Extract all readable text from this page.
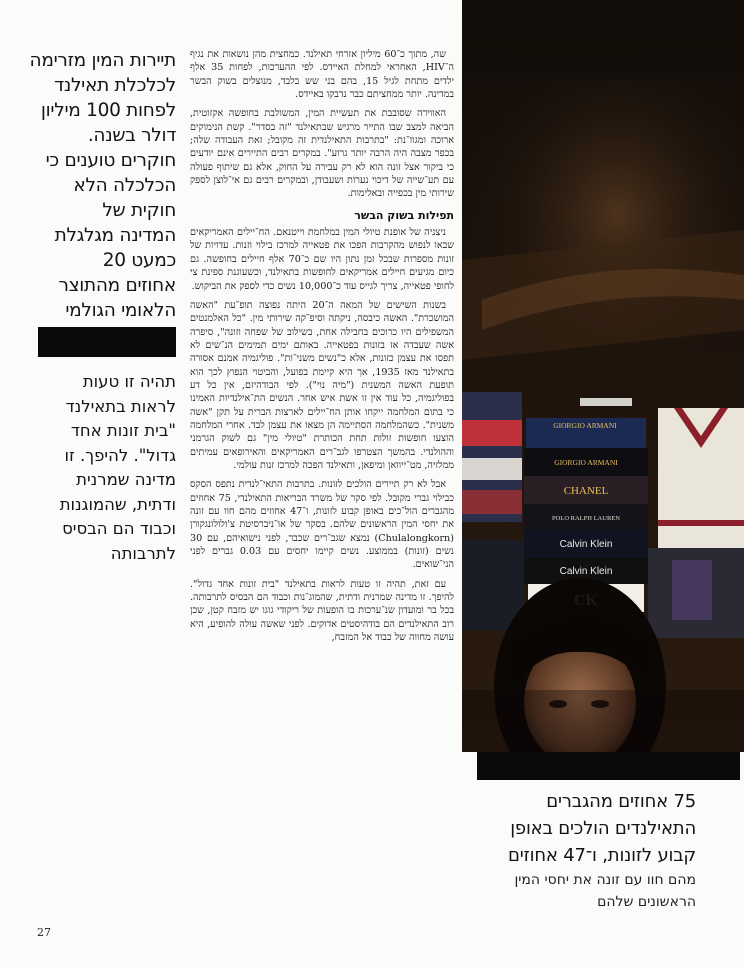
תיירות המין מזרימה
לכלכלת תאילנד
לפחות 100 מיליון
דולר בשנה.
חוקרים טוענים כי
הכלכלה הלא
חוקית של
המדינה מגלגלת
כמעט 20
אחוזים מהתוצר
הלאומי הגולמי
תהיה זו טעות
לראות בתאילנד
"בית זונות אחד
גדול". להיפך. זו
מדינה שמרנית
ודתית, שהמוגנות
וכבוד הם הבסיס
לתרבותה

שה, מתוך כ־60 מיליון אזרחי תאילנד. כמחצית מהן נושאות את נגיף ה־HIV, האחראי למחלת האיידס. לפי ההערכות, לפחות 35 אלף ילדים מתחת לגיל 15, בהם בני שש בלבד, מנוצלים בשוק הבשר במדינה. יותר ממחציתם כבר נדבקו באיידס.

האווירה שסובבת את תעשיית המין, המשולבת בחופשה אקזוטית, הביאה למצב שבו התייר מרגיש שבתאילנד "זה בסדר". קשת הנימוקים ארוכה ומגוו־נת: "בתרבות התאילנדית זה מקובל; זאת העבודה שלה; בכפר מצבה היה הרבה יותר גרוע". במקרים רבים התיירים אינם יודעים כי ביקור אצל זונה הוא לא רק עבירה על החוק, אלא גם שיתוף פעולה עם תע־שייה של דיכוי נערות ושעבודן, ובמקרים רבים גם אי־לוצן לספק שירותי מין בכפייה ובאלימות.

תפילות בשוק הבשר

ניצניה של אופנת טיולי המין במלחמת וייטנאם. הח־יילים האמריקאים שבאו לנפוש מהקרבות הפכו את פטאייה למרכז בילוי וזנות. עדויות של זונות מספרות שבכל זמן נתון היו שם כ־70 אלף חיילים בחופשה. גם כיום מגיעים חיילים אמריקאים לחופשות בתאילנד, וכשעוגנת ספינת צי לחופי פטאייה, צריך לגייס עוד כ־10,000 נשים כדי לספק את הביקוש.

בשנות השישים של המאה ה־20 היתה נפוצה תופ־עת "האשה המושכרת". האשה כיבסה, ניקתה וסיפ־קה שירותי מין. "כל האלמנטים המשפילים היו כרוכים בחבילה אחת, בשילוב של שפחה וזונה", סיפרה אשה שעבדה אז בזונות בפטאייה. באותם ימים תמימים הנ־שים לא תפסו את עצמן כזונות, אלא כ"נשים משני־ות". פוליגמיה אמנם אסורה בתאילנד מאז 1935, אך היא קיימת בפועל, והביטוי הנפוץ לכך הוא תופעת האשה המשנית ("מיה נוי"). לפי הבודהיזם, אין כל דע בפוליגמיה, כל עוד אין זו אשת איש אחר. הנשים הת־אילנדיות האמינו כי בתום המלחמה ייקחו אותן הח־יילים לארצות הברית על תקן "אשה משנית". כשהמלחמה הסתיימה הן מצאו את עצמן לבד. אחרי המלחמה הוצעו חופשות זולות תחת הכותרת "טיולי מין" גם לשוק הגרמני וההולנדי. בהמשך הצטרפו לגב־רים האמריקאים והאירופאים עמיתים ממלזיה, מט־ייוואן ומיפאן, ותאילנד הפכה למרכז זנות עולמי.

אבל לא רק תיירים הולכים לזונות. בתרבות התאי־לנדית נתפס הסקס כבילוי גברי מקובל. לפי סקר של משרד הבריאות התאילנדי, 75 אחוזים מהגברים הול־כים באופן קבוע לזונות, ו־47 אחוזים מהם חוו עם זונה את יחסי המין הראשונים שלהם. בסקר של או־ניברסיטת צ'ולולונגקורן (Chulalongkorn) נמצא שגב־רים שכבר, לפני נישואיהם, עם 30 נשים (זונות) בממוצע. נשים קיימו יחסים עם 0.03 גברים לפני הני־שואים.

עם זאת, תהיה זו טעות לראות בתאילנד "בית זונות אחד גדול". להיפך. זו מדינה שמרנית ודתית, שהמוג־נות וכבוד הם הבסיס לתרבותה. בכל בר ומועדון שנ־ערכות בו הופעות של ריקודי גוגו יש מזבח קטן, שכן רוב התאילנדים הם בודהיסטים אדוקים. לפני שאשה עולה להופיע, היא עושה מחווה של כבוד אל המזבח,

GIORGIO ARMANI
GIORGIO ARMANI
CHANEL
POLO RALPH LAUREN
Calvin Klein
Calvin Klein
CK
75 אחוזים מהגברים
התאילנדים הולכים באופן
קבוע לזונות, ו־47 אחוזים
מהם חוו עם זונה את יחסי המין
הראשונים שלהם
27
